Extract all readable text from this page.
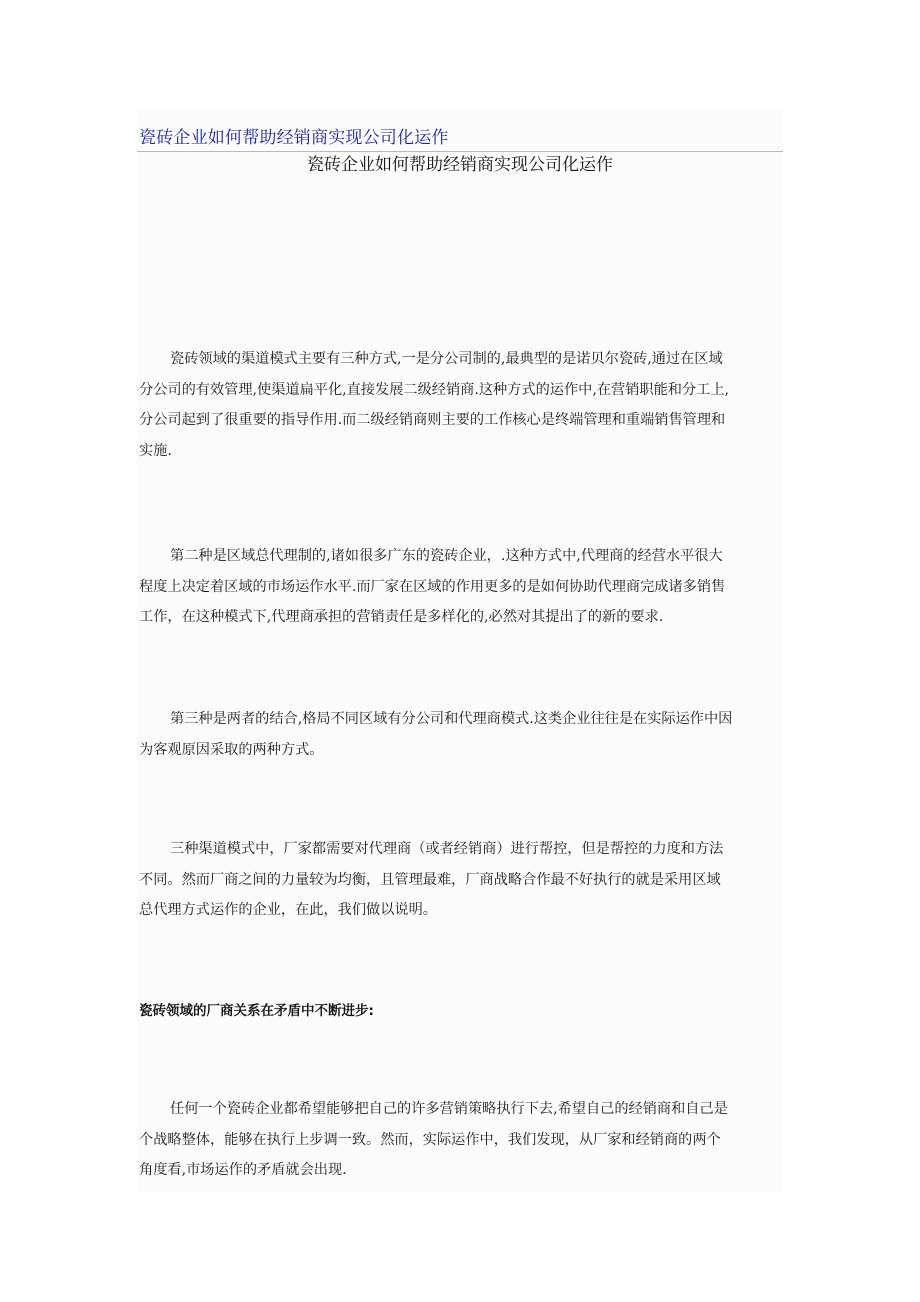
瓷砖企业如何帮助经销商实现公司化运作
瓷砖企业如何帮助经销商实现公司化运作
瓷砖领域的渠道模式主要有三种方式,一是分公司制的,最典型的是诺贝尔瓷砖,通过在区域
分公司的有效管理,使渠道扁平化,直接发展二级经销商.这种方式的运作中,在营销职能和分工上,
分公司起到了很重要的指导作用.而二级经销商则主要的工作核心是终端管理和重端销售管理和
实施.
第二种是区域总代理制的,诸如很多广东的瓷砖企业，.这种方式中,代理商的经营水平很大
程度上决定着区域的市场运作水平.而厂家在区域的作用更多的是如何协助代理商完成诸多销售
工作，在这种模式下,代理商承担的营销责任是多样化的,必然对其提出了的新的要求.
第三种是两者的结合,格局不同区域有分公司和代理商模式.这类企业往往是在实际运作中因
为客观原因采取的两种方式。
三种渠道模式中，厂家都需要对代理商（或者经销商）进行帮控，但是帮控的力度和方法
不同。然而厂商之间的力量较为均衡，且管理最难，厂商战略合作最不好执行的就是采用区域
总代理方式运作的企业，在此，我们做以说明。
瓷砖领域的厂商关系在矛盾中不断进步:
任何一个瓷砖企业都希望能够把自己的许多营销策略执行下去,希望自己的经销商和自己是
个战略整体，能够在执行上步调一致。然而，实际运作中，我们发现，从厂家和经销商的两个
角度看,市场运作的矛盾就会出现.
